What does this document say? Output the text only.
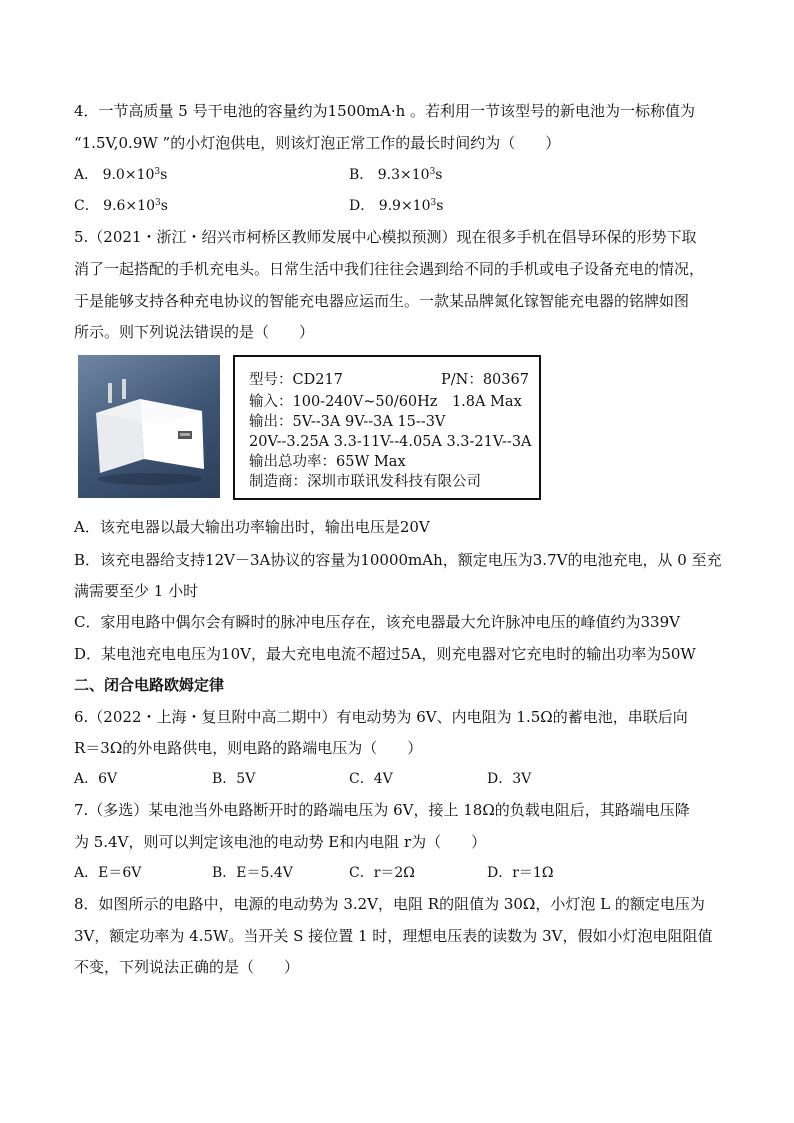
4．一节高质量 5 号干电池的容量约为1500mA·h 。若利用一节该型号的新电池为一标称值为
“1.5V,0.9W ”的小灯泡供电，则该灯泡正常工作的最长时间约为（　　）
A． $9.0\times 10^3s$	B． $9.3\times 10^3s$
C． $9.6\times 10^3s$	D． $9.9\times 10^3s$
5.（2021・浙江・绍兴市柯桥区教师发展中心模拟预测）现在很多手机在倡导环保的形势下取
消了一起搭配的手机充电头。日常生活中我们往往会遇到给不同的手机或电子设备充电的情况，
于是能够支持各种充电协议的智能充电器应运而生。一款某品牌氮化镓智能充电器的铭牌如图
所示。则下列说法错误的是（　　）
型号：CD217	P/N：80367
输入：100-240V~50/60Hz　1.8A Max
输出：5V--3A 9V--3A 15--3V
20V--3.25A 3.3-11V--4.05A 3.3-21V--3A
输出总功率：65W Max
制造商：深圳市联讯发科技有限公司
A．该充电器以最大输出功率输出时，输出电压是20V
B．该充电器给支持12V－3A协议的容量为10000mAh，额定电压为3.7V的电池充电，从 0 至充
满需要至少 1 小时
C．家用电路中偶尔会有瞬时的脉冲电压存在，该充电器最大允许脉冲电压的峰值约为339V
D．某电池充电电压为10V，最大充电电流不超过5A，则充电器对它充电时的输出功率为50W
二、闭合电路欧姆定律
6.（2022・上海・复旦附中高二期中）有电动势为 6V、内电阻为 1.5Ω的蓄电池，串联后向
R＝3Ω的外电路供电，则电路的路端电压为（　　）
A．6V	B．5V	C．4V	D．3V
7.（多选）某电池当外电路断开时的路端电压为 6V，接上 18Ω的负载电阻后，其路端电压降
为 5.4V，则可以判定该电池的电动势 E和内电阻 r为（　　）
A．E＝6V	B．E＝5.4V	C．r＝2Ω	D．r＝1Ω
8．如图所示的电路中，电源的电动势为 3.2V，电阻 R的阻值为 30Ω，小灯泡 L 的额定电压为
3V，额定功率为 4.5W。当开关 S 接位置 1 时，理想电压表的读数为 3V，假如小灯泡电阻阻值
不变，下列说法正确的是（　　）
